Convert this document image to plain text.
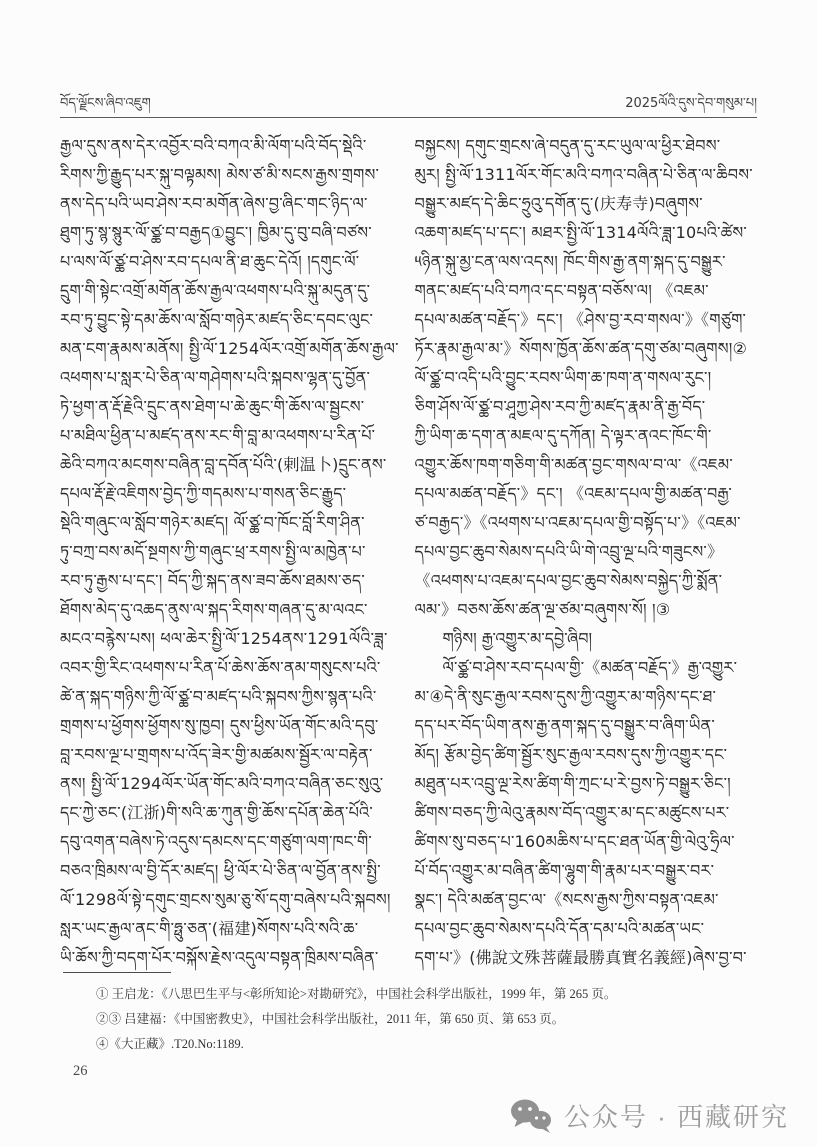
བོད་ལྗོངས་ཞིབ་འཇུག	2025ལོའི་དུས་དེབ་གསུམ་པ།
རྒྱལ་དུས་ནས་དེར་འབྱོར་བའི་བཀའ་མི་ལོག་པའི་བོད་སྡེའི་
རིགས་ཀྱི་རྒྱུད་པར་སྐུ་བལྟམས། མེས་ཙ་མི་སངས་རྒྱས་གྲགས་
ནས་དེད་པའི་ཡབ་ཤེས་རབ་མགོན་ཞེས་བྱ་ཞིང་གང་ཉིད་ལ་
ཐུག་ཏུ་སྙ་སྙུར་ལོ་ཙྪ་བ་བརྒྱད①བྱུང་། ཁྱིམ་དུ་བུ་བཞི་བཙས་
པ་ལས་ལོ་ཙྪ་བ་ཤེས་རབ་དཔལ་ནི་ཐ་ཆུང་དེའོ། །དགུང་ལོ་
དྲུག་གི་སྟེང་འགྲོ་མགོན་ཆོས་རྒྱལ་འཕགས་པའི་སྐུ་མདུན་དུ་
རབ་ཏུ་བྱུང་སྟེ་དམ་ཆོས་ལ་སློབ་གཉེར་མཛད་ཅིང་དབང་ལུང་
མན་ངག་རྣམས་མནོས། སྤྱི་ལོ་1254ལོར་འགྲོ་མགོན་ཆོས་རྒྱལ་
འཕགས་པ་སླར་པེ་ཅིན་ལ་གཤེགས་པའི་སྐབས་ལྷན་དུ་བྱོན་
ཏེ་ཕྱག་ན་རྡོ་རྗེའི་དྲུང་ནས་ཐེག་པ་ཆེ་ཆུང་གི་ཆོས་ལ་སྦྱངས་
པ་མཐིལ་ཕྱིན་པ་མཛད་ནས་རང་གི་བླ་མ་འཕགས་པ་རིན་པོ་
ཆེའི་བཀའ་མངགས་བཞིན་བླ་དབོན་པོའི་(剌温卜)དྲུང་ནས་
དཔལ་རྡོ་རྗེ་འཇིགས་བྱེད་ཀྱི་གདམས་པ་གསན་ཅིང་རྒྱུད་
སྡེའི་གཞུང་ལ་སློབ་གཉེར་མཛད། ལོ་ཙྪ་བ་ཁོང་བློ་རིག་ཤིན་
ཏུ་བཀྲ་བས་མདོ་སྔགས་ཀྱི་གཞུང་ཕྲ་རགས་སྤྱི་ལ་མཁྱེན་པ་
རབ་ཏུ་རྒྱས་པ་དང་། བོད་ཀྱི་སྐད་ནས་ཟབ་ཆོས་ཐམས་ཅད་
ཐོགས་མེད་དུ་འཆད་ནུས་ལ་སྐད་རིགས་གཞན་དུ་མ་ལའང་
མངའ་བརྙེས་པས། ཕལ་ཆེར་སྤྱི་ལོ་1254ནས་1291ལོའི་ཟླ་
འབར་གྱི་རིང་འཕགས་པ་རིན་པོ་ཆེས་ཆོས་ནམ་གསུངས་པའི་
ཚེ་ན་སྐད་གཉིས་ཀྱི་ལོ་ཙྪ་བ་མཛད་པའི་སྐབས་ཀྱིས་སྙན་པའི་
གྲགས་པ་ཕྱོགས་ཕྱོགས་སུ་ཁྱབ། དུས་ཕྱིས་ཡོན་གོང་མའི་དབུ་
བླ་རབས་ལྔ་པ་གྲགས་པ་འོད་ཟེར་གྱི་མཚམས་སྦྱོར་ལ་བརྟེན་
ནས། སྤྱི་ལོ་1294ལོར་ཡོན་གོང་མའི་བཀའ་བཞིན་ཅང་སུའུ་
དང་ཀྱེ་ཅང་(江浙)གི་སའི་ཆ་ཀུན་གྱི་ཆོས་དཔོན་ཆེན་པོའི་
དབུ་འགན་བཞེས་ཏེ་འདུས་དམངས་དང་གཙུག་ལག་ཁང་གི་
བཅའ་ཁྲིམས་ལ་བྱི་དོར་མཛད། ཕྱི་ལོར་པེ་ཅིན་ལ་བྱོན་ནས་སྤྱི་
ལོ་1298ལོ་སྟེ་དགུང་གྲངས་སུམ་ཅུ་སོ་དགུ་བཞེས་པའི་སྐབས།
སླར་ཡང་རྒྱལ་ནང་གི་ཧྥུ་ཅན་(福建)སོགས་པའི་སའི་ཆ་
ཡི་ཆོས་ཀྱི་བདག་པོར་བསྐོས་རྗེས་འདུལ་བསྟན་ཁྲིམས་བཞིན་
བསྐྱངས། དགུང་གྲངས་ཞེ་བདུན་དུ་རང་ཡུལ་ལ་ཕྱིར་ཐེབས་
མུར། སྤྱི་ལོ་1311ལོར་གོང་མའི་བཀའ་བཞིན་པེ་ཅིན་ལ་ཆིབས་
བསྒྱུར་མཛད་དེ་ཆིང་ཧྲུའུ་དགོན་དུ་(庆寿寺)བཞུགས་
འཆག་མཛད་པ་དང་། མཐར་སྤྱི་ལོ་1314ལོའི་ཟླ་10པའི་ཚེས་
༥ཉིན་སྐུ་མྱ་ངན་ལས་འདས། ཁོང་གིས་རྒྱ་ནག་སྐད་དུ་བསྒྱུར་
གནང་མཛད་པའི་བཀའ་དང་བསྟན་བཅོས་ལ། 《འཇམ་
དཔལ་མཚན་བརྗོད་》དང་། 《ཤེས་བྱ་རབ་གསལ་》《གཙུག་
ཏོར་རྣམ་རྒྱལ་མ་》སོགས་ཁྱོན་ཆོས་ཚན་དགུ་ཙམ་བཞུགས།②
ལོ་ཙྪ་བ་འདི་པའི་བྱུང་རབས་ཡིག་ཆ་ཁག་ན་གསལ་རུང་།
ཅིག་ཤོས་ལོ་ཙྪ་བ་ཤཱཀྱ་ཤེས་རབ་ཀྱི་མཛད་རྣམ་ནི་རྒྱ་བོད་
ཀྱི་ཡིག་ཆ་དག་ན་མཇལ་དུ་དཀོན། དེ་ལྟར་ནའང་ཁོང་གི་
འགྱུར་ཆོས་ཁག་གཅིག་གི་མཚན་བྱང་གསལ་བ་ལ་《འཇམ་
དཔལ་མཚན་བརྗོད་》དང་། 《འཇམ་དཔལ་གྱི་མཚན་བརྒྱ་
ཙ་བརྒྱད་》《འཕགས་པ་འཇམ་དཔལ་གྱི་བསྟོད་པ་》《འཇམ་
དཔལ་བྱང་ཆུབ་སེམས་དཔའི་ཡི་གེ་འབྲུ་ལྔ་པའི་གཟུངས་》
《འཕགས་པ་འཇམ་དཔལ་བྱང་ཆུབ་སེམས་བསྐྱེད་ཀྱི་སྨོན་
ལམ་》བཅས་ཆོས་ཚན་ལྔ་ཙམ་བཞུགས་སོ། །③
གཉིས། རྒྱ་འགྱུར་མ་དབྱེ་ཞིབ།
ལོ་ཙྪ་བ་ཤེས་རབ་དཔལ་གྱི་《མཚན་བརྗོད་》རྒྱ་འགྱུར་
མ་④དེ་ནི་སུང་རྒྱལ་རབས་དུས་ཀྱི་འགྱུར་མ་གཉིས་དང་ཐ་
དད་པར་བོད་ཡིག་ནས་རྒྱ་ནག་སྐད་དུ་བསྒྱུར་བ་ཞིག་ཡིན་
མོད། རྩོམ་བྱེད་ཚིག་སྦྱོར་སུང་རྒྱལ་རབས་དུས་ཀྱི་འགྱུར་དང་
མཐུན་པར་འབྲུ་ལྔ་རེས་ཚིག་གི་ཀྲང་པ་རེ་བྱས་ཏེ་བསྒྱུར་ཅིང་།
ཚིགས་བཅད་ཀྱི་ལེའུ་རྣམས་བོད་འགྱུར་མ་དང་མཚུངས་པར་
ཚིགས་སུ་བཅད་པ་160མཆིས་པ་དང་ཐན་ཡོན་གྱི་ལེའུ་ཧྲིལ་
པོ་བོད་འགྱུར་མ་བཞིན་ཚིག་ལྷུག་གི་རྣམ་པར་བསྒྱུར་བར་
སྣང་། དེའི་མཚན་བྱང་ལ་《སངས་རྒྱས་ཀྱིས་བསྟན་འཇམ་
དཔལ་བྱང་ཆུབ་སེམས་དཔའི་དོན་དམ་པའི་མཚན་ཡང་
དག་པ་》(佛說文殊菩薩最勝真實名義經)ཞེས་བྱ་བ་
① 王启龙：《八思巴生平与<彰所知论>对勘研究》，中国社会科学出版社，1999 年，第 265 页。
②③ 吕建福：《中国密教史》，中国社会科学出版社，2011 年，第 650 页、第 653 页。
④《大正藏》.T20.No:1189.
26
公众号 · 西藏研究
